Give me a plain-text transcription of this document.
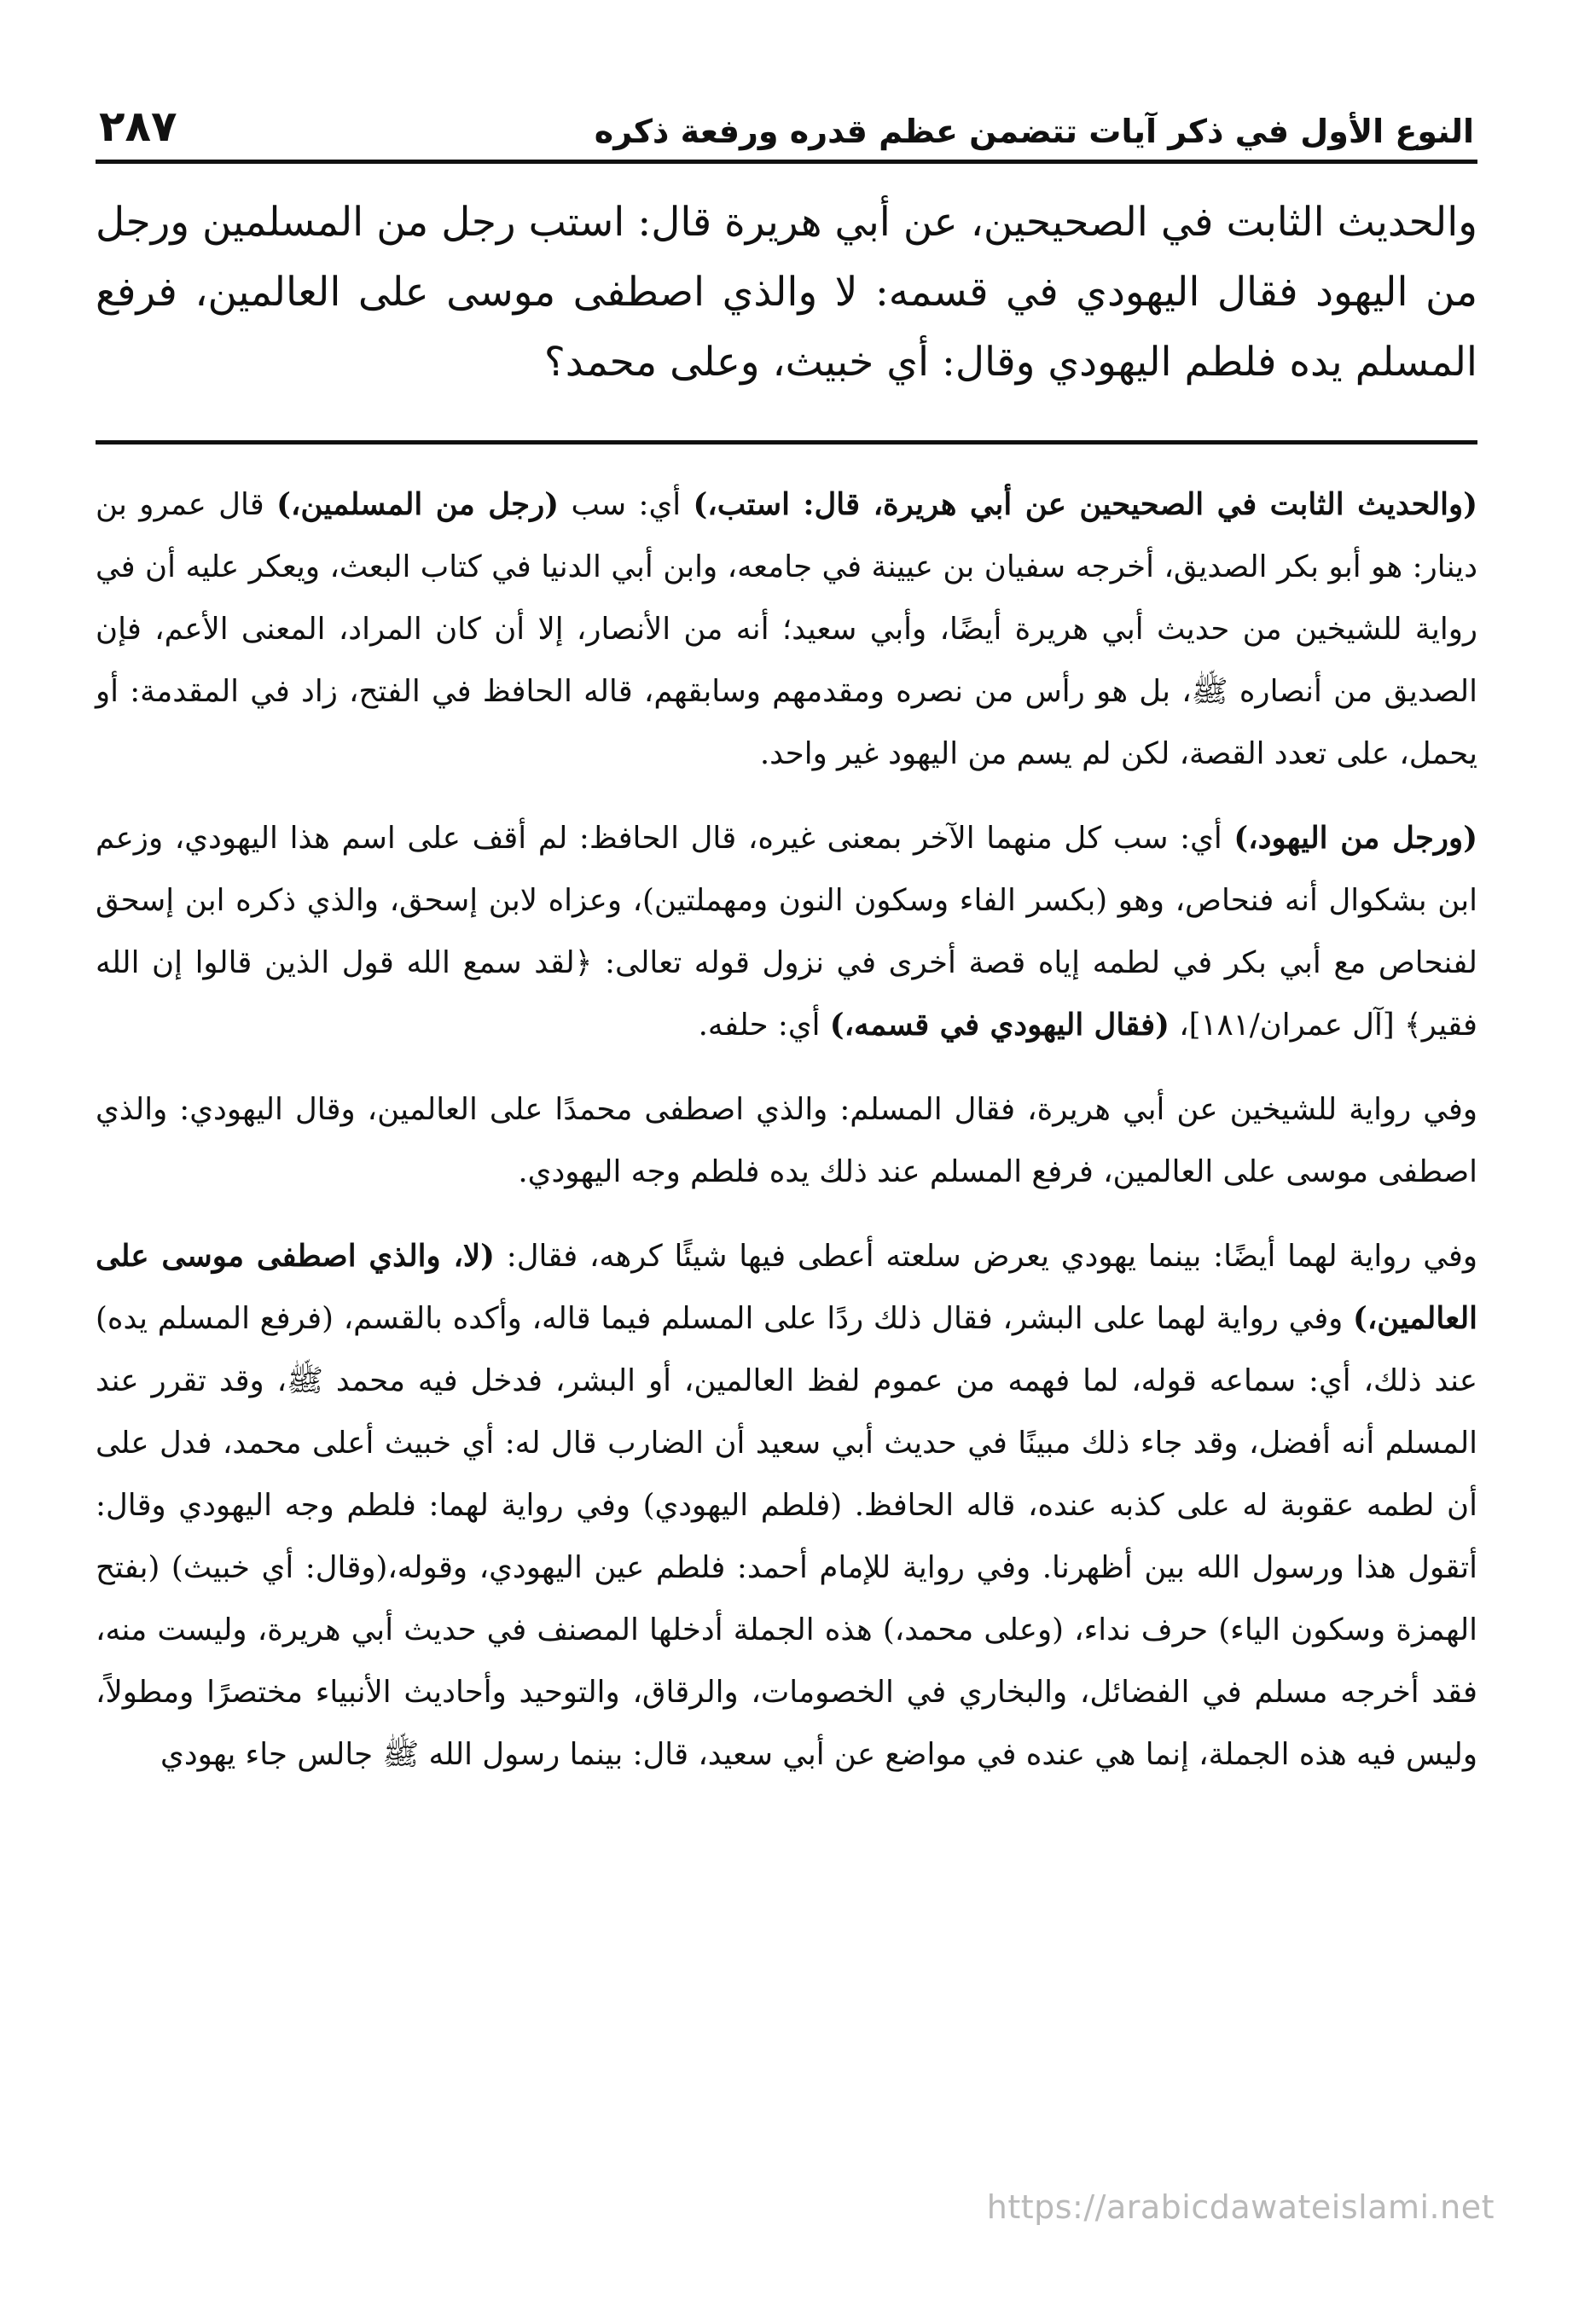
النوع الأول في ذكر آيات تتضمن عظم قدره ورفعة ذكره
٢٨٧
والحديث الثابت في الصحيحين، عن أبي هريرة قال: استب رجل من المسلمين ورجل من اليهود فقال اليهودي في قسمه: لا والذي اصطفى موسى على العالمين، فرفع المسلم يده فلطم اليهودي وقال: أي خبيث، وعلى محمد؟

(والحديث الثابت في الصحيحين عن أبي هريرة، قال: استب،) أي: سب (رجل من المسلمين،) قال عمرو بن دينار: هو أبو بكر الصديق، أخرجه سفيان بن عيينة في جامعه، وابن أبي الدنيا في كتاب البعث، ويعكر عليه أن في رواية للشيخين من حديث أبي هريرة أيضًا، وأبي سعيد؛ أنه من الأنصار، إلا أن كان المراد، المعنى الأعم، فإن الصديق من أنصاره ﷺ، بل هو رأس من نصره ومقدمهم وسابقهم، قاله الحافظ في الفتح، زاد في المقدمة: أو يحمل، على تعدد القصة، لكن لم يسم من اليهود غير واحد.

(ورجل من اليهود،) أي: سب كل منهما الآخر بمعنى غيره، قال الحافظ: لم أقف على اسم هذا اليهودي، وزعم ابن بشكوال أنه فنحاص، وهو (بكسر الفاء وسكون النون ومهملتين)، وعزاه لابن إسحق، والذي ذكره ابن إسحق لفنحاص مع أبي بكر في لطمه إياه قصة أخرى في نزول قوله تعالى: ﴿لقد سمع الله قول الذين قالوا إن الله فقير﴾ [آل عمران/١٨١]، (فقال اليهودي في قسمه،) أي: حلفه.

وفي رواية للشيخين عن أبي هريرة، فقال المسلم: والذي اصطفى محمدًا على العالمين، وقال اليهودي: والذي اصطفى موسى على العالمين، فرفع المسلم عند ذلك يده فلطم وجه اليهودي.

وفي رواية لهما أيضًا: بينما يهودي يعرض سلعته أعطى فيها شيئًا كرهه، فقال: (لا، والذي اصطفى موسى على العالمين،) وفي رواية لهما على البشر، فقال ذلك ردًا على المسلم فيما قاله، وأكده بالقسم، (فرفع المسلم يده) عند ذلك، أي: سماعه قوله، لما فهمه من عموم لفظ العالمين، أو البشر، فدخل فيه محمد ﷺ، وقد تقرر عند المسلم أنه أفضل، وقد جاء ذلك مبينًا في حديث أبي سعيد أن الضارب قال له: أي خبيث أعلى محمد، فدل على أن لطمه عقوبة له على كذبه عنده، قاله الحافظ. (فلطم اليهودي) وفي رواية لهما: فلطم وجه اليهودي وقال: أتقول هذا ورسول الله بين أظهرنا. وفي رواية للإمام أحمد: فلطم عين اليهودي، وقوله،(وقال: أي خبيث) (بفتح الهمزة وسكون الياء) حرف نداء، (وعلى محمد،) هذه الجملة أدخلها المصنف في حديث أبي هريرة، وليست منه، فقد أخرجه مسلم في الفضائل، والبخاري في الخصومات، والرقاق، والتوحيد وأحاديث الأنبياء مختصرًا ومطولاً، وليس فيه هذه الجملة، إنما هي عنده في مواضع عن أبي سعيد، قال: بينما رسول الله ﷺ جالس جاء يهودي

https://arabicdawateislami.net
